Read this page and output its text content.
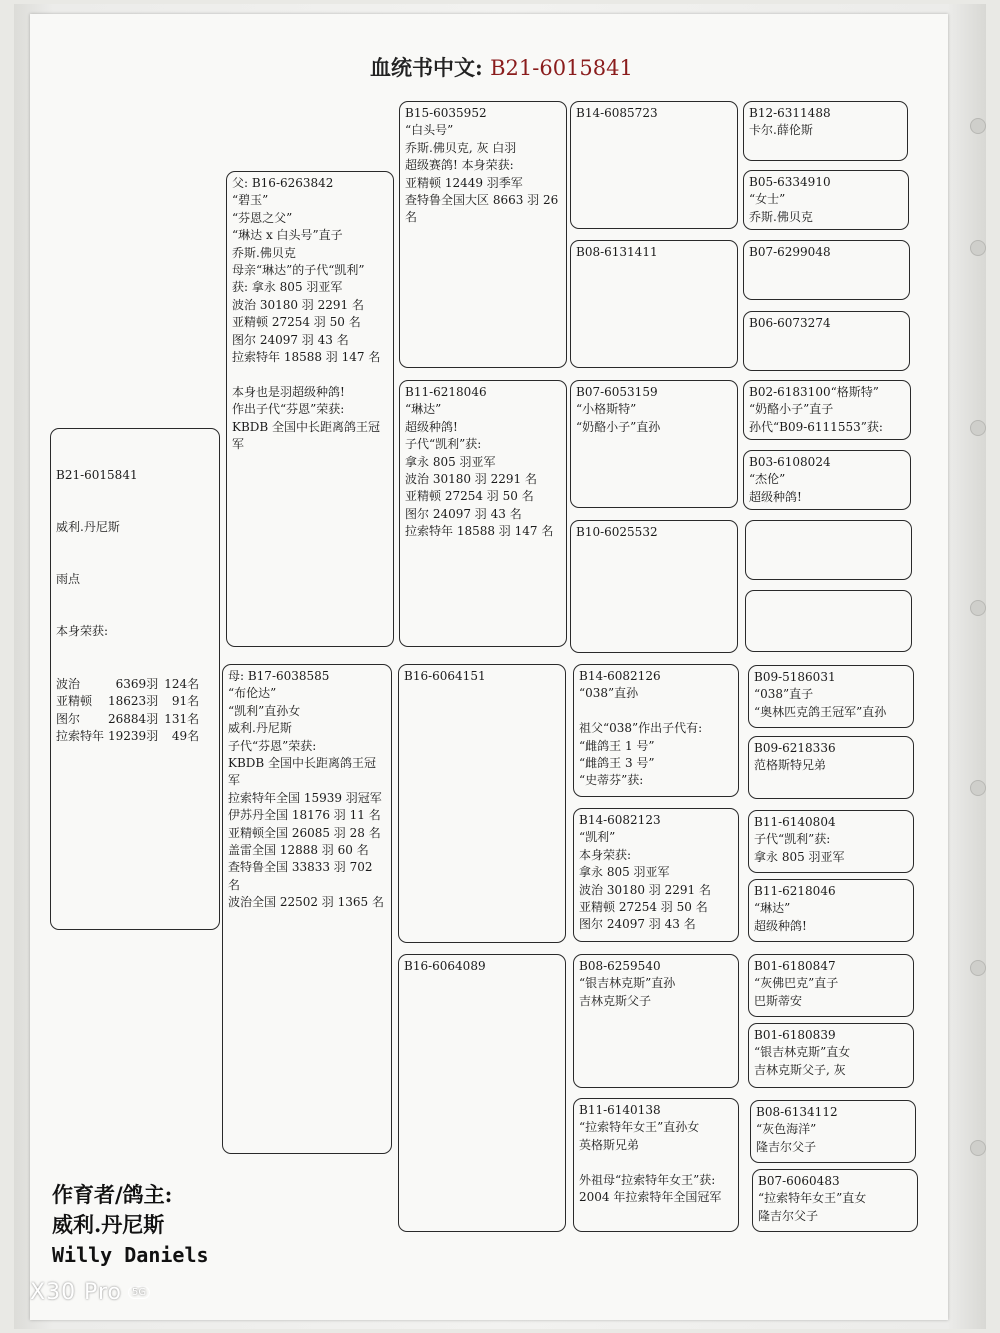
血统书中文: B21-6015841

B21-6015841

威利.丹尼斯

雨点

本身荣获:

波治	6369羽	124名
亚精顿	18623羽	91名
图尔	26884羽	131名
拉索特年	19239羽	49名

父: B16-6263842
“碧玉”
“芬恩之父”
“琳达 x 白头号”直子
乔斯.佛贝克
母亲“琳达”的子代“凯利”
获: 拿永 805 羽亚军
波治 30180 羽 2291 名
亚精顿 27254 羽 50 名
图尔 24097 羽 43 名
拉索特年 18588 羽 147 名

本身也是羽超级种鸽!
作出子代“芬恩”荣获:
KBDB 全国中长距离鸽王冠军
母: B17-6038585
“布伦达”
“凯利”直孙女
威利.丹尼斯
子代“芬恩”荣获:
KBDB 全国中长距离鸽王冠军
拉索特年全国 15939 羽冠军
伊苏丹全国 18176 羽 11 名
亚精顿全国 26085 羽 28 名
盖雷全国 12888 羽 60 名
查特鲁全国 33833 羽 702 名
波治全国 22502 羽 1365 名
B15-6035952
“白头号”
乔斯.佛贝克, 灰 白羽
超级赛鸽! 本身荣获:
亚精顿 12449 羽季军
查特鲁全国大区 8663 羽 26 名
B11-6218046
“琳达”
超级种鸽!
子代“凯利”获:
拿永 805 羽亚军
波治 30180 羽 2291 名
亚精顿 27254 羽 50 名
图尔 24097 羽 43 名
拉索特年 18588 羽 147 名
B16-6064151
B16-6064089
B14-6085723
B08-6131411
B07-6053159
“小格斯特”
“奶酪小子”直孙
B10-6025532
B14-6082126
“038”直孙

祖父“038”作出子代有:
“雌鸽王 1 号”
“雌鸽王 3 号”
“史蒂芬”获:
B14-6082123
“凯利”
本身荣获:
拿永 805 羽亚军
波治 30180 羽 2291 名
亚精顿 27254 羽 50 名
图尔 24097 羽 43 名
B08-6259540
“银吉林克斯”直孙
吉林克斯父子
B11-6140138
“拉索特年女王”直孙女
英格斯兄弟

外祖母“拉索特年女王”获:
2004 年拉索特年全国冠军
B12-6311488
卡尔.薛伦斯
B05-6334910
“女士”
乔斯.佛贝克
B07-6299048
B06-6073274
B02-6183100“格斯特”
“奶酪小子”直子
孙代“B09-6111553”获:
B03-6108024
“杰伦”
超级种鸽!
B09-5186031
“038”直子
“奥林匹克鸽王冠军”直孙
B09-6218336
范格斯特兄弟
B11-6140804
子代“凯利”获:
拿永 805 羽亚军
B11-6218046
“琳达”
超级种鸽!
B01-6180847
“灰佛巴克”直子
巴斯蒂安
B01-6180839
“银吉林克斯”直女
吉林克斯父子, 灰
B08-6134112
“灰色海洋”
隆吉尔父子
B07-6060483
“拉索特年女王”直女
隆吉尔父子
作育者/鸽主:
威利.丹尼斯
Willy Daniels
X30 Pro	5G
